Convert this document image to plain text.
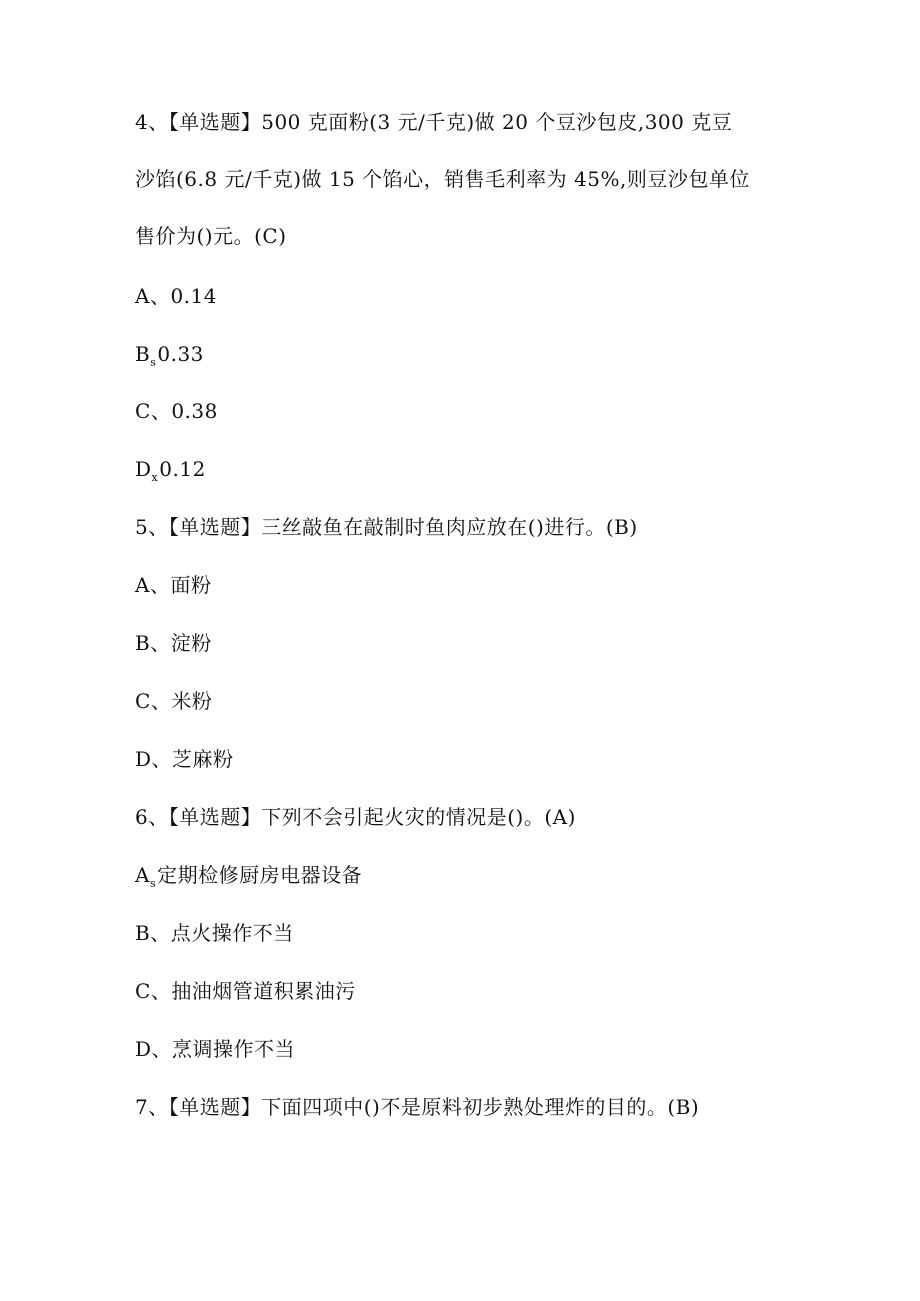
4、【单选题】500 克面粉(3 元/千克)做 20 个豆沙包皮,300 克豆
沙馅(6.8 元/千克)做 15 个馅心，销售毛利率为 45%,则豆沙包单位
售价为()元。(C)
A、0.14
$B_s0.33$
C、0.38
$D_x0.12$
5、【单选题】三丝敲鱼在敲制时鱼肉应放在()进行。(B)
A、面粉
B、淀粉
C、米粉
D、芝麻粉
6、【单选题】下列不会引起火灾的情况是()。(A)
$A_s$定期检修厨房电器设备
B、点火操作不当
C、抽油烟管道积累油污
D、烹调操作不当
7、【单选题】下面四项中()不是原料初步熟处理炸的目的。(B)
